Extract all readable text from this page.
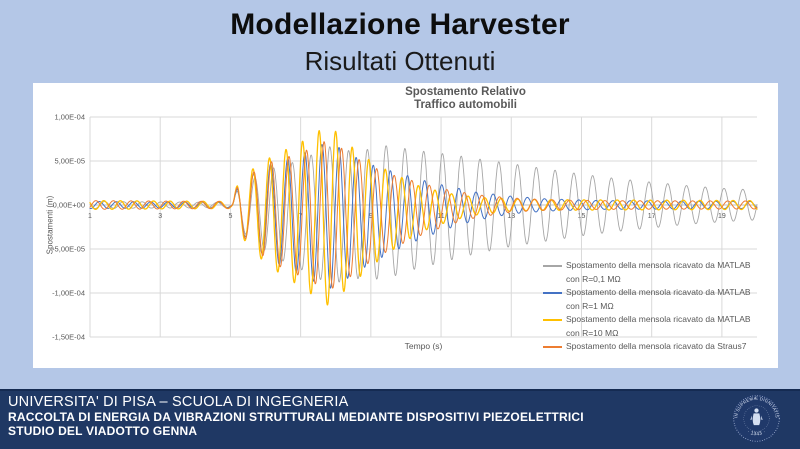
Modellazione Harvester
Risultati Ottenuti
Spostamento Relativo
Traffico automobili
Spostamenti (m)
1,00E-04
5,00E-05
0,00E+00
-5,00E-05
-1,00E-04
-1,50E-04
1	3	5	7	9	11	13	15	17	19
Tempo (s)
Spostamento della mensola ricavato da MATLAB
con R=0,1 MΩ
Spostamento della mensola ricavato da MATLAB
con R=1 MΩ
Spostamento della mensola ricavato da MATLAB
con R=10 MΩ
Spostamento della mensola ricavato da Straus7
UNIVERSITA' DI PISA – SCUOLA DI INGEGNERIA
RACCOLTA DI ENERGIA DA VIBRAZIONI STRUTTURALI MEDIANTE DISPOSITIVI PIEZOELETTRICI
STUDIO DEL VIADOTTO GENNA
IN SUPREMÆ DIGNITATIS
· 1343 ·
